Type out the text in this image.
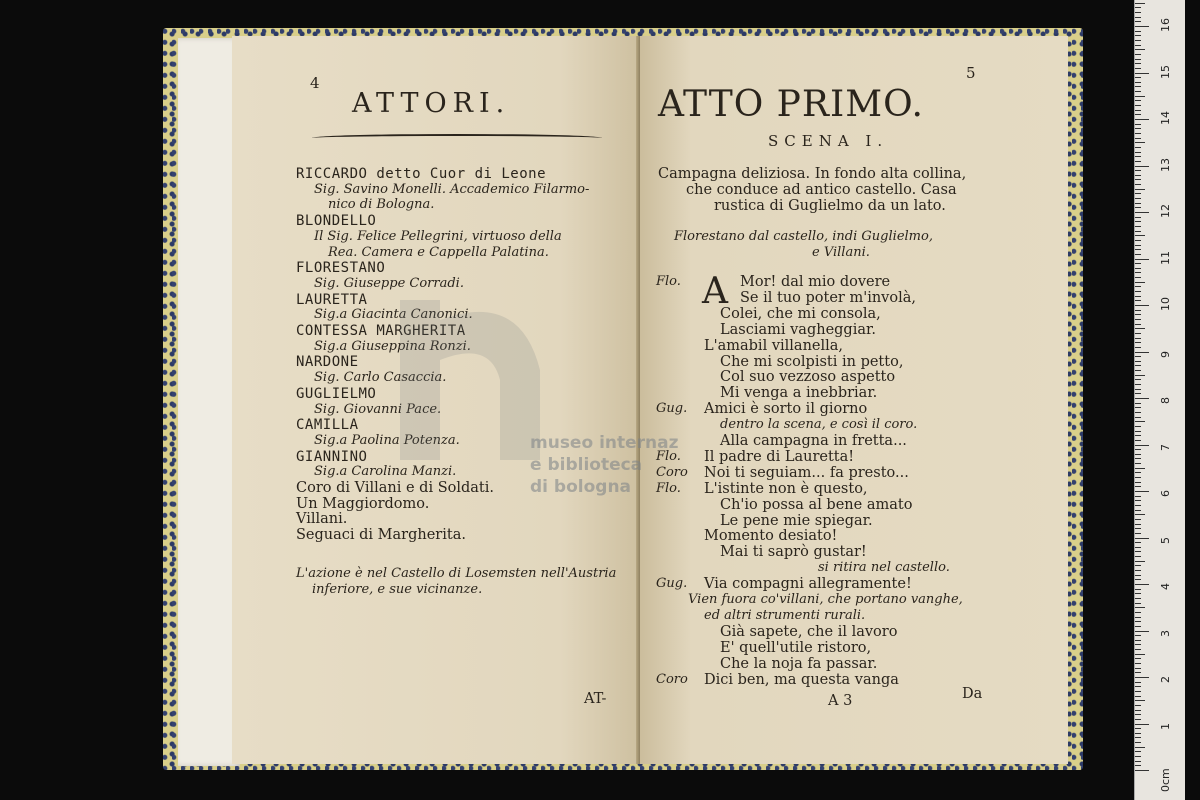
4
ATTORI.
RICCARDO detto Cuor di Leone
Sig. Savino Monelli. Accademico Filarmo-
nico di Bologna.
BLONDELLO
Il Sig. Felice Pellegrini, virtuoso della
Rea. Camera e Cappella Palatina.
FLORESTANO
Sig. Giuseppe Corradi.
LAURETTA
Sig.a Giacinta Canonici.
CONTESSA MARGHERITA
Sig.a Giuseppina Ronzi.
NARDONE
Sig. Carlo Casaccia.
GUGLIELMO
Sig. Giovanni Pace.
CAMILLA
Sig.a Paolina Potenza.
GIANNINO
Sig.a Carolina Manzi.
Coro di Villani e di Soldati.
Un Maggiordomo.
Villani.
Seguaci di Margherita.
L'azione è nel Castello di Losemsten nell'Austria
inferiore, e sue vicinanze.
AT-
ATTO PRIMO.
5
SCENA I.
Campagna deliziosa. In fondo alta collina,
che conduce ad antico castello. Casa
rustica di Guglielmo da un lato.
Florestano dal castello, indi Guglielmo,
e Villani.
A
Flo.	Mor! dal mio dovere
Se il tuo poter m'involà,
Colei, che mi consola,
Lasciami vagheggiar.
L'amabil villanella,
Che mi scolpisti in petto,
Col suo vezzoso aspetto
Mi venga a inebbriar.
Gug. Amici è sorto il giorno
dentro la scena, e così il coro.
Alla campagna in fretta...
Flo. Il padre di Lauretta!
Coro Noi ti seguiam... fa presto...
Flo. L'istinte non è questo,
Ch'io possa al bene amato
Le pene mie spiegar.
Momento desiato!
Mai ti saprò gustar!
si ritira nel castello.
Gug. Via compagni allegramente!
Vien fuora co'villani, che portano vanghe,
ed altri strumenti rurali.
Già sapete, che il lavoro
E' quell'utile ristoro,
Che la noja fa passar.
Coro Dici ben, ma questa vanga
A 3	Da
museo internaz
e biblioteca
di bologna
0cm
1
2
3
4
5
6
7
8
9
10
11
12
13
14
15
16
